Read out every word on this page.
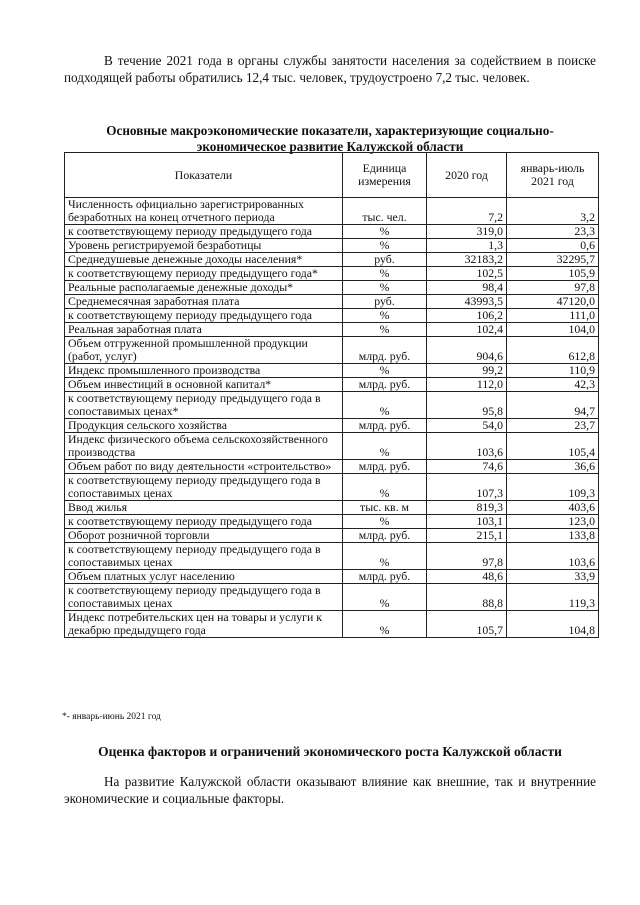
В течение 2021 года в органы службы занятости населения за содействием в поиске подходящей работы обратились 12,4 тыс. человек, трудоустроено 7,2 тыс. человек.

Основные макроэкономические показатели, характеризующие социально-экономическое развитие Калужской области

Показатели	Единица измерения	2020 год	январь-июль 2021 год
Численность официально зарегистрированных безработных на конец отчетного периода	тыс. чел.	7,2	3,2
к соответствующему периоду предыдущего года	%	319,0	23,3
Уровень регистрируемой безработицы	%	1,3	0,6
Среднедушевые денежные доходы населения*	руб.	32183,2	32295,7
к соответствующему периоду предыдущего года*	%	102,5	105,9
Реальные располагаемые денежные доходы*	%	98,4	97,8
Среднемесячная заработная плата	руб.	43993,5	47120,0
к соответствующему периоду предыдущего года	%	106,2	111,0
Реальная заработная плата	%	102,4	104,0
Объем отгруженной промышленной продукции (работ, услуг)	млрд. руб.	904,6	612,8
Индекс промышленного производства	%	99,2	110,9
Объем инвестиций в основной капитал*	млрд. руб.	112,0	42,3
к соответствующему периоду предыдущего года в сопоставимых ценах*	%	95,8	94,7
Продукция сельского хозяйства	млрд. руб.	54,0	23,7
Индекс физического объема сельскохозяйственного производства	%	103,6	105,4
Объем работ по виду деятельности «строительство»	млрд. руб.	74,6	36,6
к соответствующему периоду предыдущего года в сопоставимых ценах	%	107,3	109,3
Ввод жилья	тыс. кв. м	819,3	403,6
к соответствующему периоду предыдущего года	%	103,1	123,0
Оборот розничной торговли	млрд. руб.	215,1	133,8
к соответствующему периоду предыдущего года в сопоставимых ценах	%	97,8	103,6
Объем платных услуг населению	млрд. руб.	48,6	33,9
к соответствующему периоду предыдущего года в сопоставимых ценах	%	88,8	119,3
Индекс потребительских цен на товары и услуги к декабрю предыдущего года	%	105,7	104,8

*- январь-июнь 2021 год

Оценка факторов и ограничений экономического роста Калужской области

На развитие Калужской области оказывают влияние как внешние, так и внутренние экономические и социальные факторы.
